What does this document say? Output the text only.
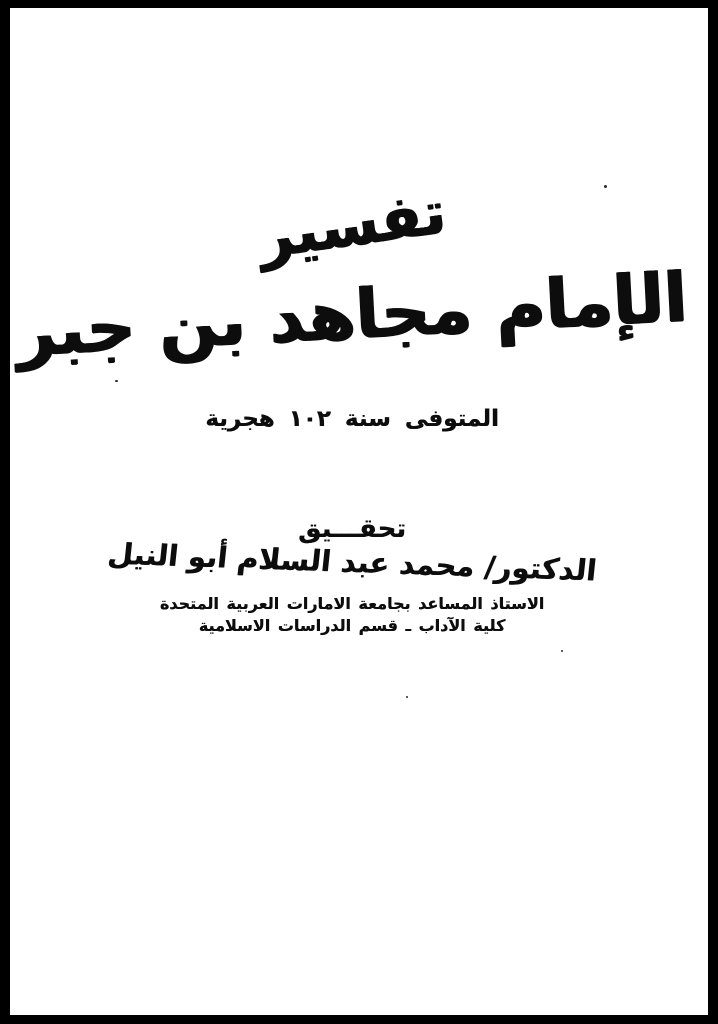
تفسير
الإمام مجاهد بن جبر
المتوفى سنة ١٠٢ هجرية
تحقـــيق
الدكتور/ محمد عبد السلام أبو النيل
الاستاذ المساعد بجامعة الامارات العربية المتحدة
كلية الآداب ـ قسم الدراسات الاسلامية
